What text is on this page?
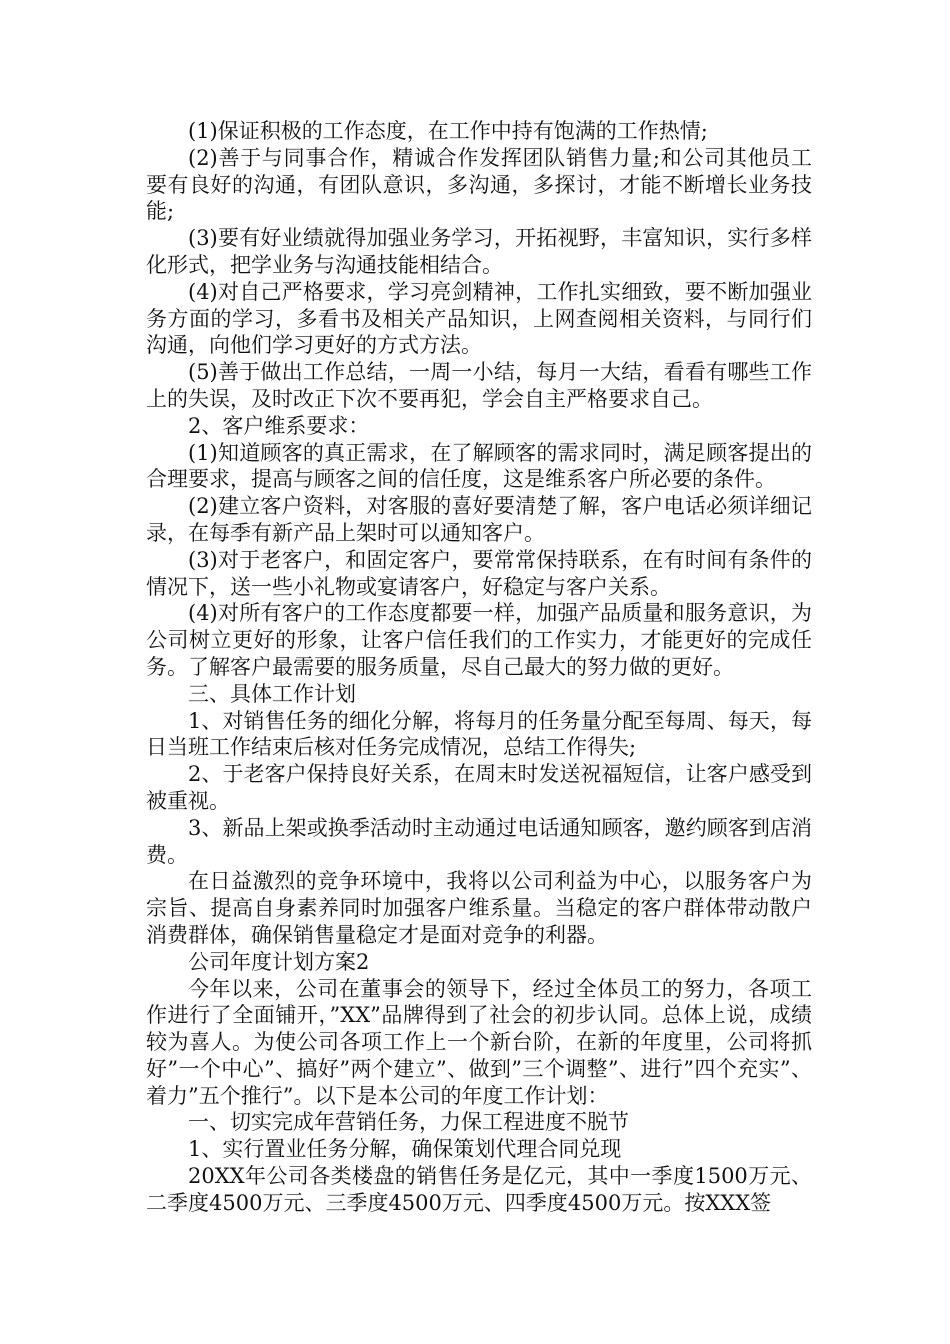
(1)保证积极的工作态度，在工作中持有饱满的工作热情;

(2)善于与同事合作，精诚合作发挥团队销售力量;和公司其他员工要有良好的沟通，有团队意识，多沟通，多探讨，才能不断增长业务技能;

(3)要有好业绩就得加强业务学习，开拓视野，丰富知识，实行多样化形式，把学业务与沟通技能相结合。

(4)对自己严格要求，学习亮剑精神，工作扎实细致，要不断加强业务方面的学习，多看书及相关产品知识，上网查阅相关资料，与同行们沟通，向他们学习更好的方式方法。

(5)善于做出工作总结，一周一小结，每月一大结，看看有哪些工作上的失误，及时改正下次不要再犯，学会自主严格要求自己。

2、客户维系要求：

(1)知道顾客的真正需求，在了解顾客的需求同时，满足顾客提出的合理要求，提高与顾客之间的信任度，这是维系客户所必要的条件。

(2)建立客户资料，对客服的喜好要清楚了解，客户电话必须详细记录，在每季有新产品上架时可以通知客户。

(3)对于老客户，和固定客户，要常常保持联系，在有时间有条件的情况下，送一些小礼物或宴请客户，好稳定与客户关系。

(4)对所有客户的工作态度都要一样，加强产品质量和服务意识，为公司树立更好的形象，让客户信任我们的工作实力，才能更好的完成任务。了解客户最需要的服务质量，尽自己最大的努力做的更好。

三、具体工作计划

1、对销售任务的细化分解，将每月的任务量分配至每周、每天，每日当班工作结束后核对任务完成情况，总结工作得失;

2、于老客户保持良好关系，在周末时发送祝福短信，让客户感受到被重视。

3、新品上架或换季活动时主动通过电话通知顾客，邀约顾客到店消费。

在日益激烈的竞争环境中，我将以公司利益为中心，以服务客户为宗旨、提高自身素养同时加强客户维系量。当稳定的客户群体带动散户消费群体，确保销售量稳定才是面对竞争的利器。

公司年度计划方案2

今年以来，公司在董事会的领导下，经过全体员工的努力，各项工作进行了全面铺开，”XX”品牌得到了社会的初步认同。总体上说，成绩较为喜人。为使公司各项工作上一个新台阶，在新的年度里，公司将抓好”一个中心”、搞好”两个建立”、做到”三个调整”、进行”四个充实”、着力”五个推行”。以下是本公司的年度工作计划：

一、切实完成年营销任务，力保工程进度不脱节

1、实行置业任务分解，确保策划代理合同兑现

20XX年公司各类楼盘的销售任务是亿元，其中一季度1500万元、二季度4500万元、三季度4500万元、四季度4500万元。按XXX签
